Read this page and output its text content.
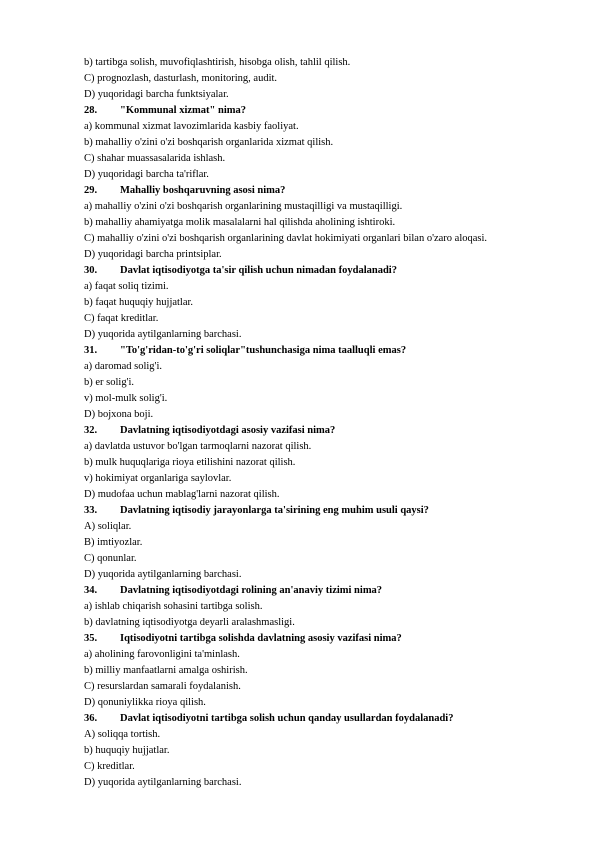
b) tartibga solish, muvofiqlashtirish, hisobga olish, tahlil qilish.
C) prognozlash, dasturlash, monitoring, audit.
D) yuqoridagi barcha funktsiyalar.
28. "Kommunal xizmat" nima?
a) kommunal xizmat lavozimlarida kasbiy faoliyat.
b) mahalliy o'zini o'zi boshqarish organlarida xizmat qilish.
C) shahar muassasalarida ishlash.
D) yuqoridagi barcha ta'riflar.
29. Mahalliy boshqaruvning asosi nima?
a) mahalliy o'zini o'zi boshqarish organlarining mustaqilligi va mustaqilligi.
b) mahalliy ahamiyatga molik masalalarni hal qilishda aholining ishtiroki.
C) mahalliy o'zini o'zi boshqarish organlarining davlat hokimiyati organlari bilan o'zaro aloqasi.
D) yuqoridagi barcha printsiplar.
30. Davlat iqtisodiyotga ta'sir qilish uchun nimadan foydalanadi?
a) faqat soliq tizimi.
b) faqat huquqiy hujjatlar.
C) faqat kreditlar.
D) yuqorida aytilganlarning barchasi.
31. "To'g'ridan-to'g'ri soliqlar"tushunchasiga nima taalluqli emas?
a) daromad solig'i.
b) er solig'i.
v) mol-mulk solig'i.
D) bojxona boji.
32. Davlatning iqtisodiyotdagi asosiy vazifasi nima?
a) davlatda ustuvor bo'lgan tarmoqlarni nazorat qilish.
b) mulk huquqlariga rioya etilishini nazorat qilish.
v) hokimiyat organlariga saylovlar.
D) mudofaa uchun mablag'larni nazorat qilish.
33. Davlatning iqtisodiy jarayonlarga ta'sirining eng muhim usuli qaysi?
A) soliqlar.
B) imtiyozlar.
C) qonunlar.
D) yuqorida aytilganlarning barchasi.
34. Davlatning iqtisodiyotdagi rolining an'anaviy tizimi nima?
a) ishlab chiqarish sohasini tartibga solish.
b) davlatning iqtisodiyotga deyarli aralashmasligi.
35. Iqtisodiyotni tartibga solishda davlatning asosiy vazifasi nima?
a) aholining farovonligini ta'minlash.
b) milliy manfaatlarni amalga oshirish.
C) resurslardan samarali foydalanish.
D) qonuniylikka rioya qilish.
36. Davlat iqtisodiyotni tartibga solish uchun qanday usullardan foydalanadi?
A) soliqqa tortish.
b) huquqiy hujjatlar.
C) kreditlar.
D) yuqorida aytilganlarning barchasi.
